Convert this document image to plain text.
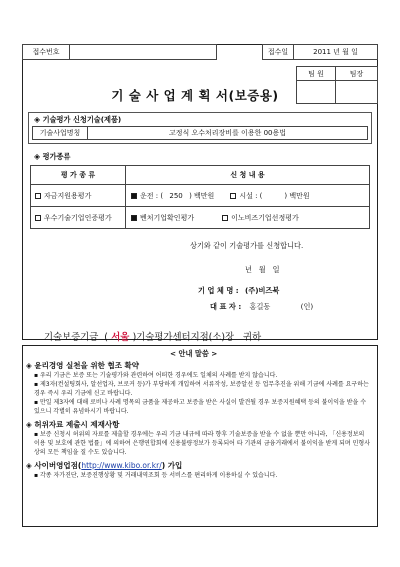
접수번호	접수일	2011 년 월 일
기 술 사 업 계 획 서(보증용)
팀 원	팀장
◈ 기술평가 신청기술(제품)
기술사업명칭	고정식 오수처리장비를 이용한 00용법
◈ 평가종류
평 가 종 류	신 청 내 용
자금지원용평가	운전 : ( 250 ) 백만원	시설 : (	) 백만원
우수기술기업인증평가	벤처기업확인평가	이노비즈기업선정평가
상기와 같이 기술평가를 신청합니다.
년   월   일
기 업 체 명 : (주)비즈북
대 표 자 : 홍길동	(인)

기술보증기금  ( 서울 )기술평가센터지점(소)장   귀하

< 안내 말씀 >

◈ 윤리경영 실천을 위한 협조 확약

▪ 우리 기금은 보증 또는 기술평가와 관련하여 어떠한 경우에도 일체의 사례를 받지 않습니다.

▪ 제3자(컨설팅회사, 알선업자, 브로커 등)가 부당하게 개입하여 서류작성, 보증알선 등 업무추진을 위해 기금에 사례를 요구하는 경우 즉시 우리 기금에 신고 바랍니다.

▪ 만일 제3자에 대해 로비나 사례 명목의 금품을 제공하고 보증을 받은 사실이 발견될 경우 보증지원혜택 등의 불이익을 받을 수 있으니 각별히 유념하시기 바랍니다.

◈ 허위자료 제출시 제재사항

▪ 보증 신청시 허위의 자료를 제출할 경우에는 우리 기금 내규에 따라 향후 기술보증을 받을 수 없을 뿐만 아니라, 「신용정보의 이용 및 보호에 관한 법률」에 의하여 은행연합회에 신용불량정보가 등록되어 타 기관의 금융거래에서 불이익을 받게 되며 민형사상의 모든 책임을 질 수도 있습니다.

◈ 사이버영업점(http://www.kibo.or.kr/) 가입

▪ 각종 자가진단, 보증진행상황 및 거래내역조회 등 서비스를 편리하게 이용하실 수 있습니다.
